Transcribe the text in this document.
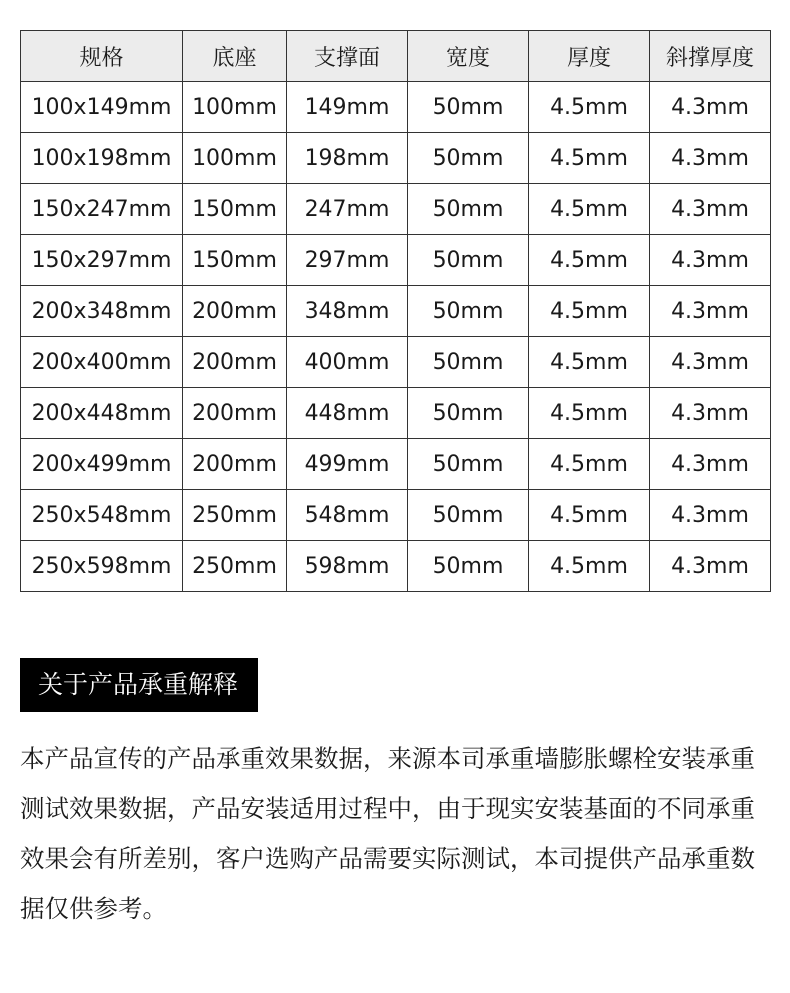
规格	底座	支撑面	宽度	厚度	斜撑厚度
100x149mm	100mm	149mm	50mm	4.5mm	4.3mm
100x198mm	100mm	198mm	50mm	4.5mm	4.3mm
150x247mm	150mm	247mm	50mm	4.5mm	4.3mm
150x297mm	150mm	297mm	50mm	4.5mm	4.3mm
200x348mm	200mm	348mm	50mm	4.5mm	4.3mm
200x400mm	200mm	400mm	50mm	4.5mm	4.3mm
200x448mm	200mm	448mm	50mm	4.5mm	4.3mm
200x499mm	200mm	499mm	50mm	4.5mm	4.3mm
250x548mm	250mm	548mm	50mm	4.5mm	4.3mm
250x598mm	250mm	598mm	50mm	4.5mm	4.3mm
关于产品承重解释

本产品宣传的产品承重效果数据，来源本司承重墙膨胀螺栓安装承重测试效果数据，产品安装适用过程中，由于现实安装基面的不同承重效果会有所差别，客户选购产品需要实际测试，本司提供产品承重数据仅供参考。
